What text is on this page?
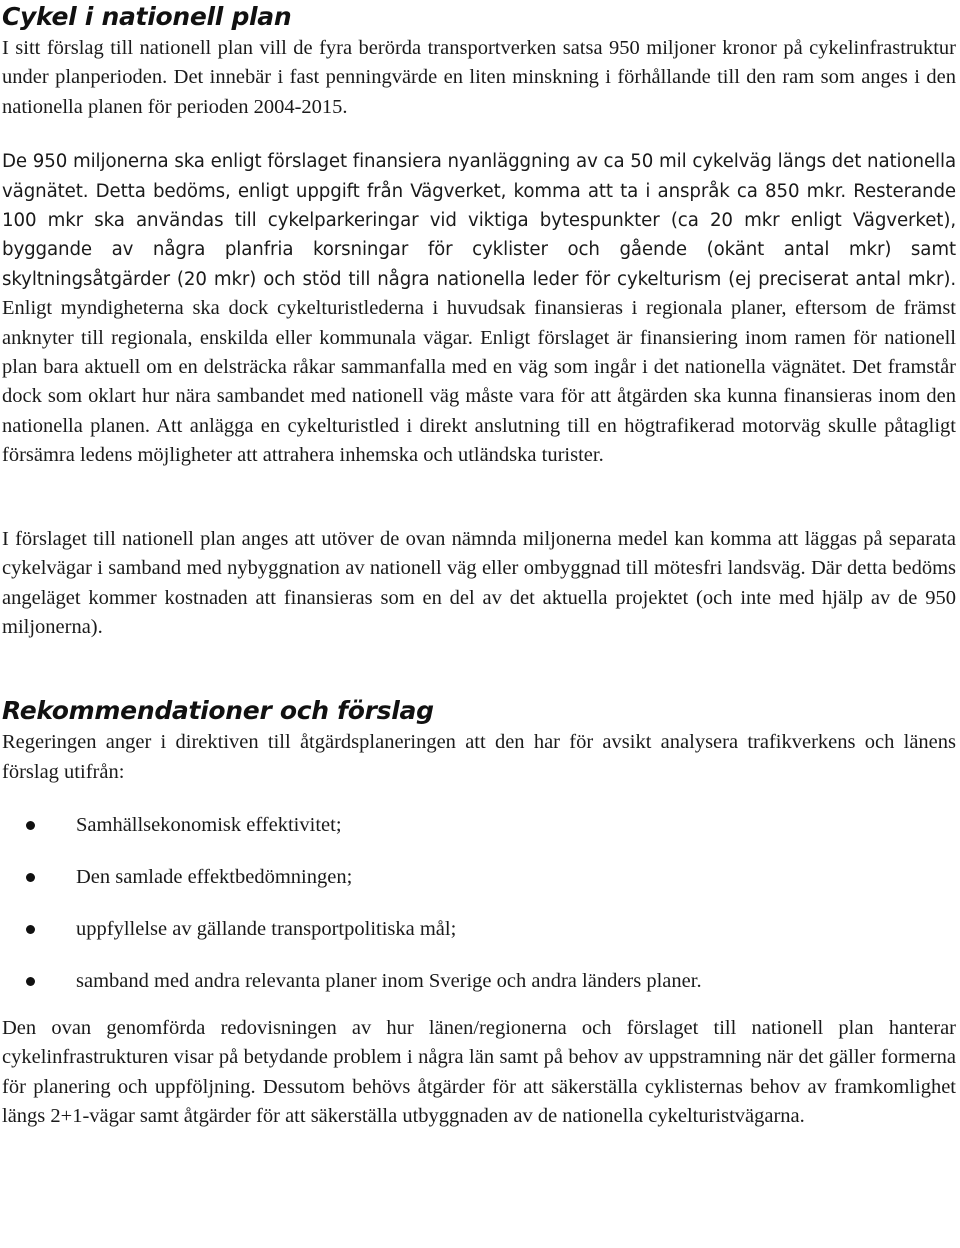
Cykel i nationell plan

I sitt förslag till nationell plan vill de fyra berörda transportverken satsa 950 miljoner kronor på cykelinfrastruktur under planperioden. Det innebär i fast penningvärde en liten minskning i förhållande till den ram som anges i den nationella planen för perioden 2004-2015.

De 950 miljonerna ska enligt förslaget finansiera nyanläggning av ca 50 mil cykelväg längs det nationella vägnätet. Detta bedöms, enligt uppgift från Vägverket, komma att ta i anspråk ca 850 mkr. Resterande 100 mkr ska användas till cykelparkeringar vid viktiga bytespunkter (ca 20 mkr enligt Vägverket), byggande av några planfria korsningar för cyklister och gående (okänt antal mkr) samt skyltningsåtgärder (20 mkr) och stöd till några nationella leder för cykelturism (ej preciserat antal mkr). Enligt myndigheterna ska dock cykelturistlederna i huvudsak finansieras i regionala planer, eftersom de främst anknyter till regionala, enskilda eller kommunala vägar. Enligt förslaget är finansiering inom ramen för nationell plan bara aktuell om en delsträcka råkar sammanfalla med en väg som ingår i det nationella vägnätet. Det framstår dock som oklart hur nära sambandet med nationell väg måste vara för att åtgärden ska kunna finansieras inom den nationella planen. Att anlägga en cykelturistled i direkt anslutning till en högtrafikerad motorväg skulle påtagligt försämra ledens möjligheter att attrahera inhemska och utländska turister.

I förslaget till nationell plan anges att utöver de ovan nämnda miljonerna medel kan komma att läggas på separata cykelvägar i samband med nybyggnation av nationell väg eller ombyggnad till mötesfri landsväg. Där detta bedöms angeläget kommer kostnaden att finansieras som en del av det aktuella projektet (och inte med hjälp av de 950 miljonerna).

Rekommendationer och förslag

Regeringen anger i direktiven till åtgärdsplaneringen att den har för avsikt analysera trafikverkens och länens förslag utifrån:

Samhällsekonomisk effektivitet;
Den samlade effektbedömningen;
uppfyllelse av gällande transportpolitiska mål;
samband med andra relevanta planer inom Sverige och andra länders planer.

Den ovan genomförda redovisningen av hur länen/regionerna och förslaget till nationell plan hanterar cykelinfrastrukturen visar på betydande problem i några län samt på behov av uppstramning när det gäller formerna för planering och uppföljning. Dessutom behövs åtgärder för att säkerställa cyklisternas behov av framkomlighet längs 2+1-vägar samt åtgärder för att säkerställa utbyggnaden av de nationella cykelturistvägarna.
